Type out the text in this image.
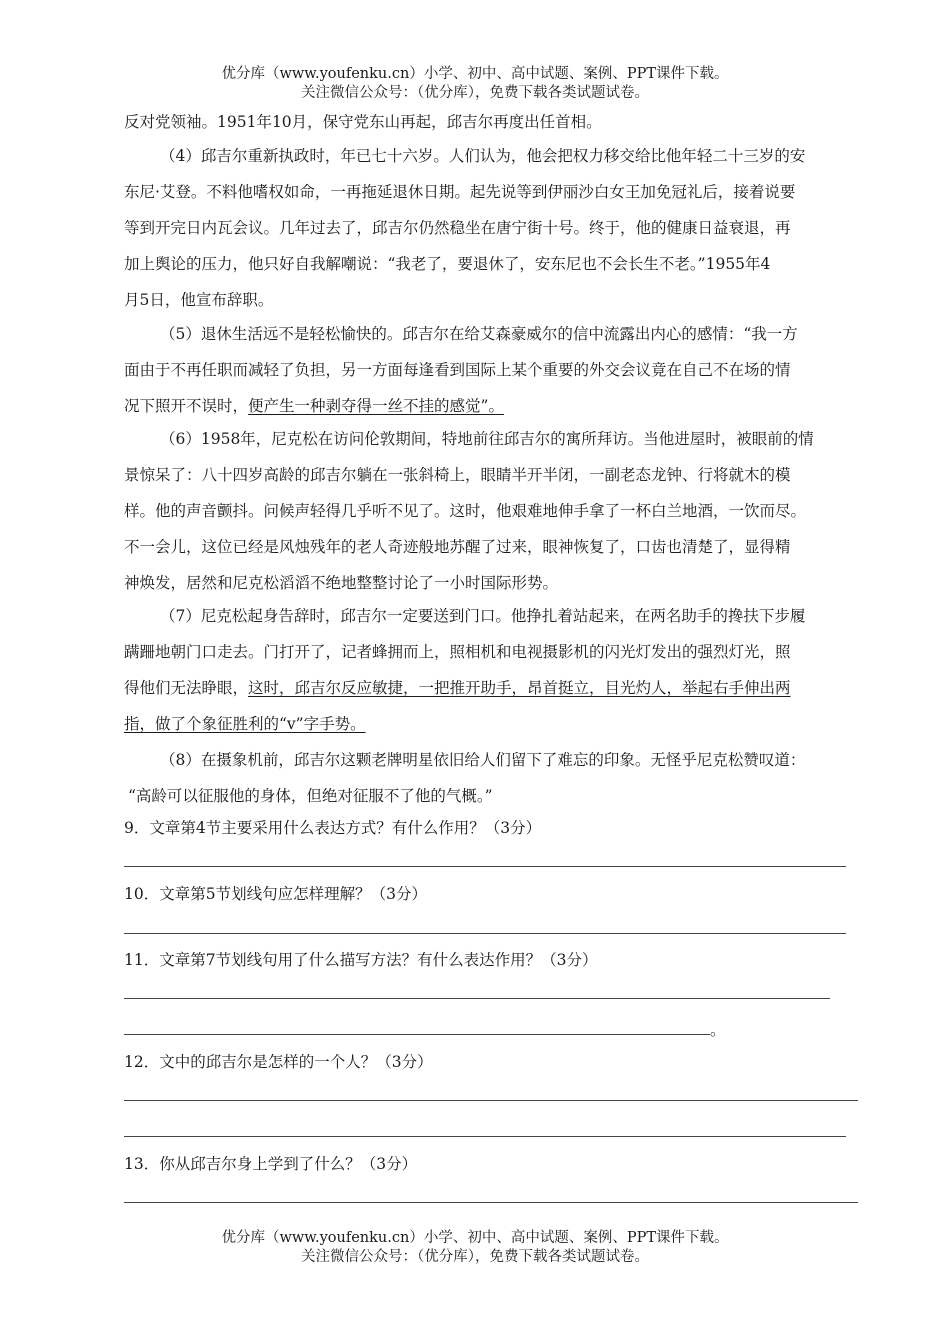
优分库（www.youfenku.cn）小学、初中、高中试题、案例、PPT课件下载。
关注微信公众号：（优分库），免费下载各类试题试卷。
反对党领袖。1951年10月，保守党东山再起，邱吉尔再度出任首相。
（4）邱吉尔重新执政时，年已七十六岁。人们认为，他会把权力移交给比他年轻二十三岁的安
东尼·艾登。不料他嗜权如命，一再拖延退休日期。起先说等到伊丽沙白女王加免冠礼后，接着说要
等到开完日内瓦会议。几年过去了，邱吉尔仍然稳坐在唐宁街十号。终于，他的健康日益衰退，再
加上舆论的压力，他只好自我解嘲说：“我老了，要退休了，安东尼也不会长生不老。”1955年4
月5日，他宣布辞职。
（5）退休生活远不是轻松愉快的。邱吉尔在给艾森豪威尔的信中流露出内心的感情：“我一方
面由于不再任职而减轻了负担，另一方面每逢看到国际上某个重要的外交会议竟在自己不在场的情
况下照开不误时，便产生一种剥夺得一丝不挂的感觉”。
（6）1958年，尼克松在访问伦敦期间，特地前往邱吉尔的寓所拜访。当他进屋时，被眼前的情
景惊呆了：八十四岁高龄的邱吉尔躺在一张斜椅上，眼睛半开半闭，一副老态龙钟、行将就木的模
样。他的声音颤抖。问候声轻得几乎听不见了。这时，他艰难地伸手拿了一杯白兰地酒，一饮而尽。
不一会儿，这位已经是风烛残年的老人奇迹般地苏醒了过来，眼神恢复了，口齿也清楚了，显得精
神焕发，居然和尼克松滔滔不绝地整整讨论了一小时国际形势。
（7）尼克松起身告辞时，邱吉尔一定要送到门口。他挣扎着站起来，在两名助手的搀扶下步履
蹒跚地朝门口走去。门打开了，记者蜂拥而上，照相机和电视摄影机的闪光灯发出的强烈灯光，照
得他们无法睁眼，这时，邱吉尔反应敏捷，一把推开助手，昂首挺立，目光灼人，举起右手伸出两
指，做了个象征胜利的“v”字手势。
（8）在摄象机前，邱吉尔这颗老牌明星依旧给人们留下了难忘的印象。无怪乎尼克松赞叹道：
“高龄可以征服他的身体，但绝对征服不了他的气概。”
9．文章第4节主要采用什么表达方式？有什么作用？（3分）
10．文章第5节划线句应怎样理解？（3分）
11．文章第7节划线句用了什么描写方法？有什么表达作用？（3分）
。
12．文中的邱吉尔是怎样的一个人？（3分）
13．你从邱吉尔身上学到了什么？（3分）
优分库（www.youfenku.cn）小学、初中、高中试题、案例、PPT课件下载。
关注微信公众号：（优分库），免费下载各类试题试卷。
